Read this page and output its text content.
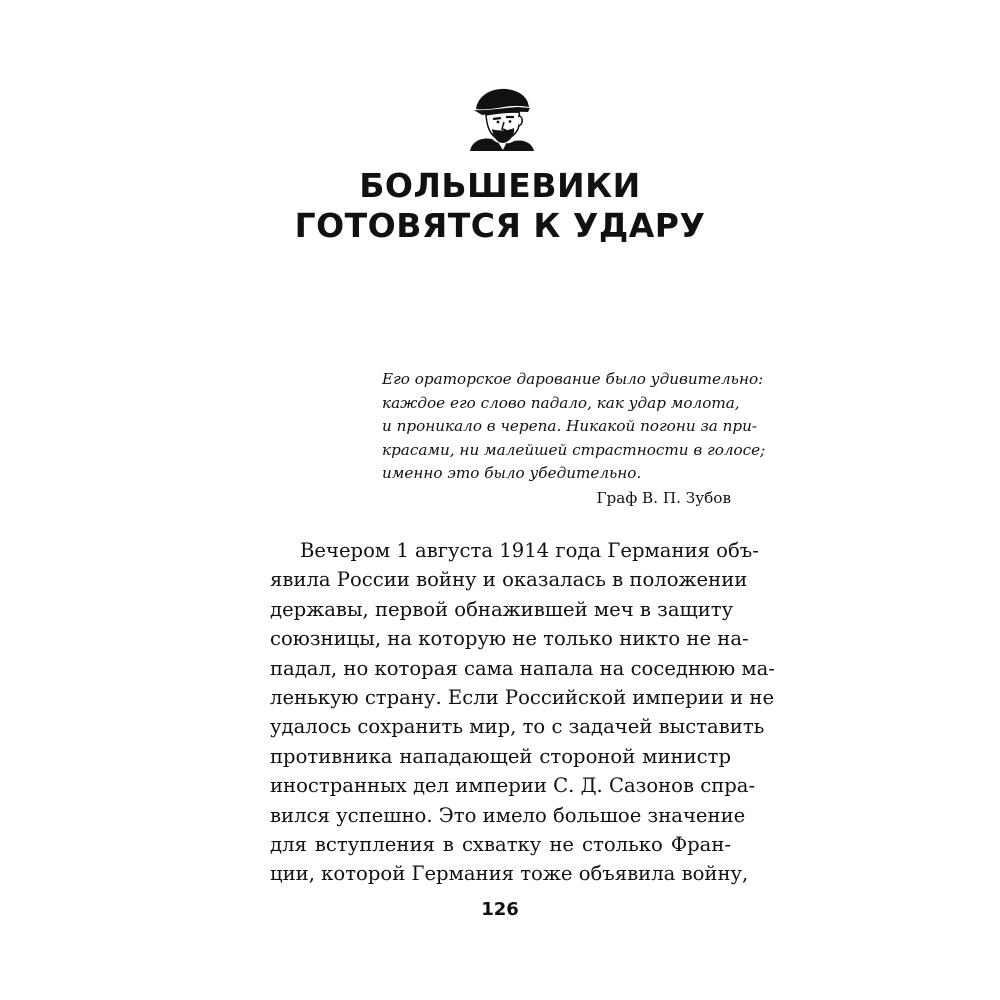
БОЛЬШЕВИКИ
ГОТОВЯТСЯ К УДАРУ
Его ораторское дарование было удивительно:
каждое его слово падало, как удар молота,
и проникало в черепа. Никакой погони за при-
красами, ни малейшей страстности в голосе;
именно это было убедительно.
Граф В. П. Зубов
Вечером 1 августа 1914 года Германия объ-
явила России войну и оказалась в положении
державы, первой обнажившей меч в защиту
союзницы, на которую не только никто не на-
падал, но которая сама напала на соседнюю ма-
ленькую страну. Если Российской империи и не
удалось сохранить мир, то с задачей выставить
противника нападающей стороной министр
иностранных дел империи С. Д. Сазонов спра-
вился успешно. Это имело большое значение
для вступления в схватку не столько Фран-
ции, которой Германия тоже объявила войну,
126
